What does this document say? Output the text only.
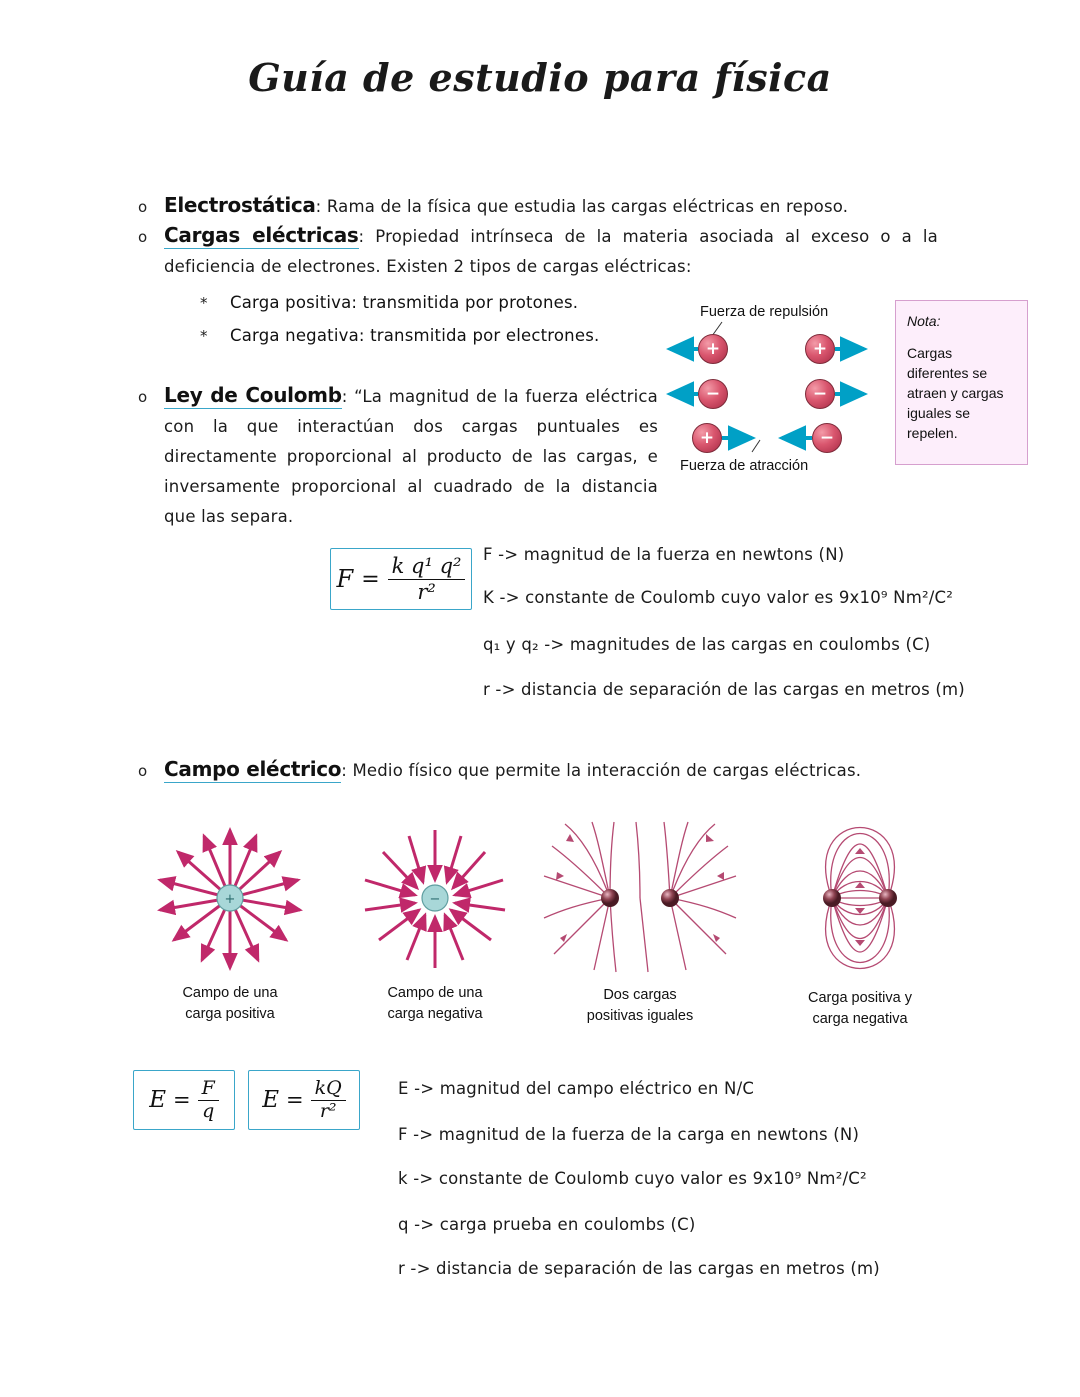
Guía de estudio para física
o Electrostática: Rama de la física que estudia las cargas eléctricas en reposo.
o Cargas eléctricas: Propiedad intrínseca de la materia asociada al exceso o a la deficiencia de electrones. Existen 2 tipos de cargas eléctricas:
*	Carga positiva: transmitida por protones.
*	Carga negativa: transmitida por electrones.
Fuerza de repulsión
Fuerza de atracción
+	+
−	−
+	−
Nota:
Cargas diferentes se atraen y cargas iguales se repelen.
o Ley de Coulomb: “La magnitud de la fuerza eléctrica con la que interactúan dos cargas puntuales es directamente proporcional al producto de las cargas, e inversamente proporcional al cuadrado de la distancia que las separa.
$F = \frac{\text{k q¹ q²}}{\text{r²}}$
F -> magnitud de la fuerza en newtons (N)
K -> constante de Coulomb cuyo valor es 9x10⁹ Nm²/C²
q₁ y q₂ -> magnitudes de las cargas en coulombs (C)
r -> distancia de separación de las cargas en metros (m)
o Campo eléctrico: Medio físico que permite la interacción de cargas eléctricas.
+
Campo de una
carga positiva
−
Campo de una
carga negativa
Dos cargas
positivas iguales
Carga positiva y
carga negativa
$E = \frac{F}{q}$ $E = \frac{kQ}{\text{r²}}$	E -> magnitud del campo eléctrico en N/C
F -> magnitud de la fuerza de la carga en newtons (N)
k -> constante de Coulomb cuyo valor es 9x10⁹ Nm²/C²
q -> carga prueba en coulombs (C)
r -> distancia de separación de las cargas en metros (m)
